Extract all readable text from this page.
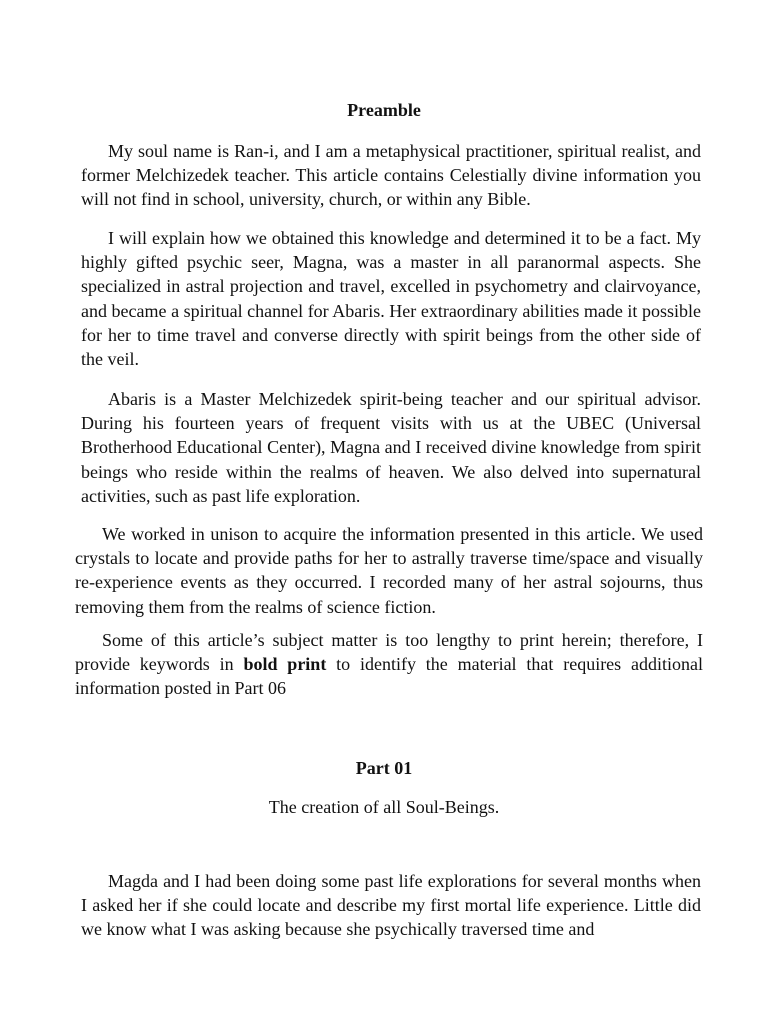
Preamble

My soul name is Ran-i, and I am a metaphysical practitioner, spiritual realist, and former Melchizedek teacher. This article contains Celestially divine information you will not find in school, university, church, or within any Bible.

I will explain how we obtained this knowledge and determined it to be a fact. My highly gifted psychic seer, Magna, was a master in all paranormal aspects. She specialized in astral projection and travel, excelled in psychometry and clairvoyance, and became a spiritual channel for Abaris. Her extraordinary abilities made it possible for her to time travel and converse directly with spirit beings from the other side of the veil.

Abaris is a Master Melchizedek spirit-being teacher and our spiritual advisor. During his fourteen years of frequent visits with us at the UBEC (Universal Brotherhood Educational Center), Magna and I received divine knowledge from spirit beings who reside within the realms of heaven. We also delved into supernatural activities, such as past life exploration.

We worked in unison to acquire the information presented in this article. We used crystals to locate and provide paths for her to astrally traverse time/space and visually re-experience events as they occurred. I recorded many of her astral sojourns, thus removing them from the realms of science fiction.

Some of this article’s subject matter is too lengthy to print herein; therefore, I provide keywords in bold print to identify the material that requires additional information posted in Part 06

Part 01

The creation of all Soul-Beings.

Magda and I had been doing some past life explorations for several months when I asked her if she could locate and describe my first mortal life experience. Little did we know what I was asking because she psychically traversed time and
